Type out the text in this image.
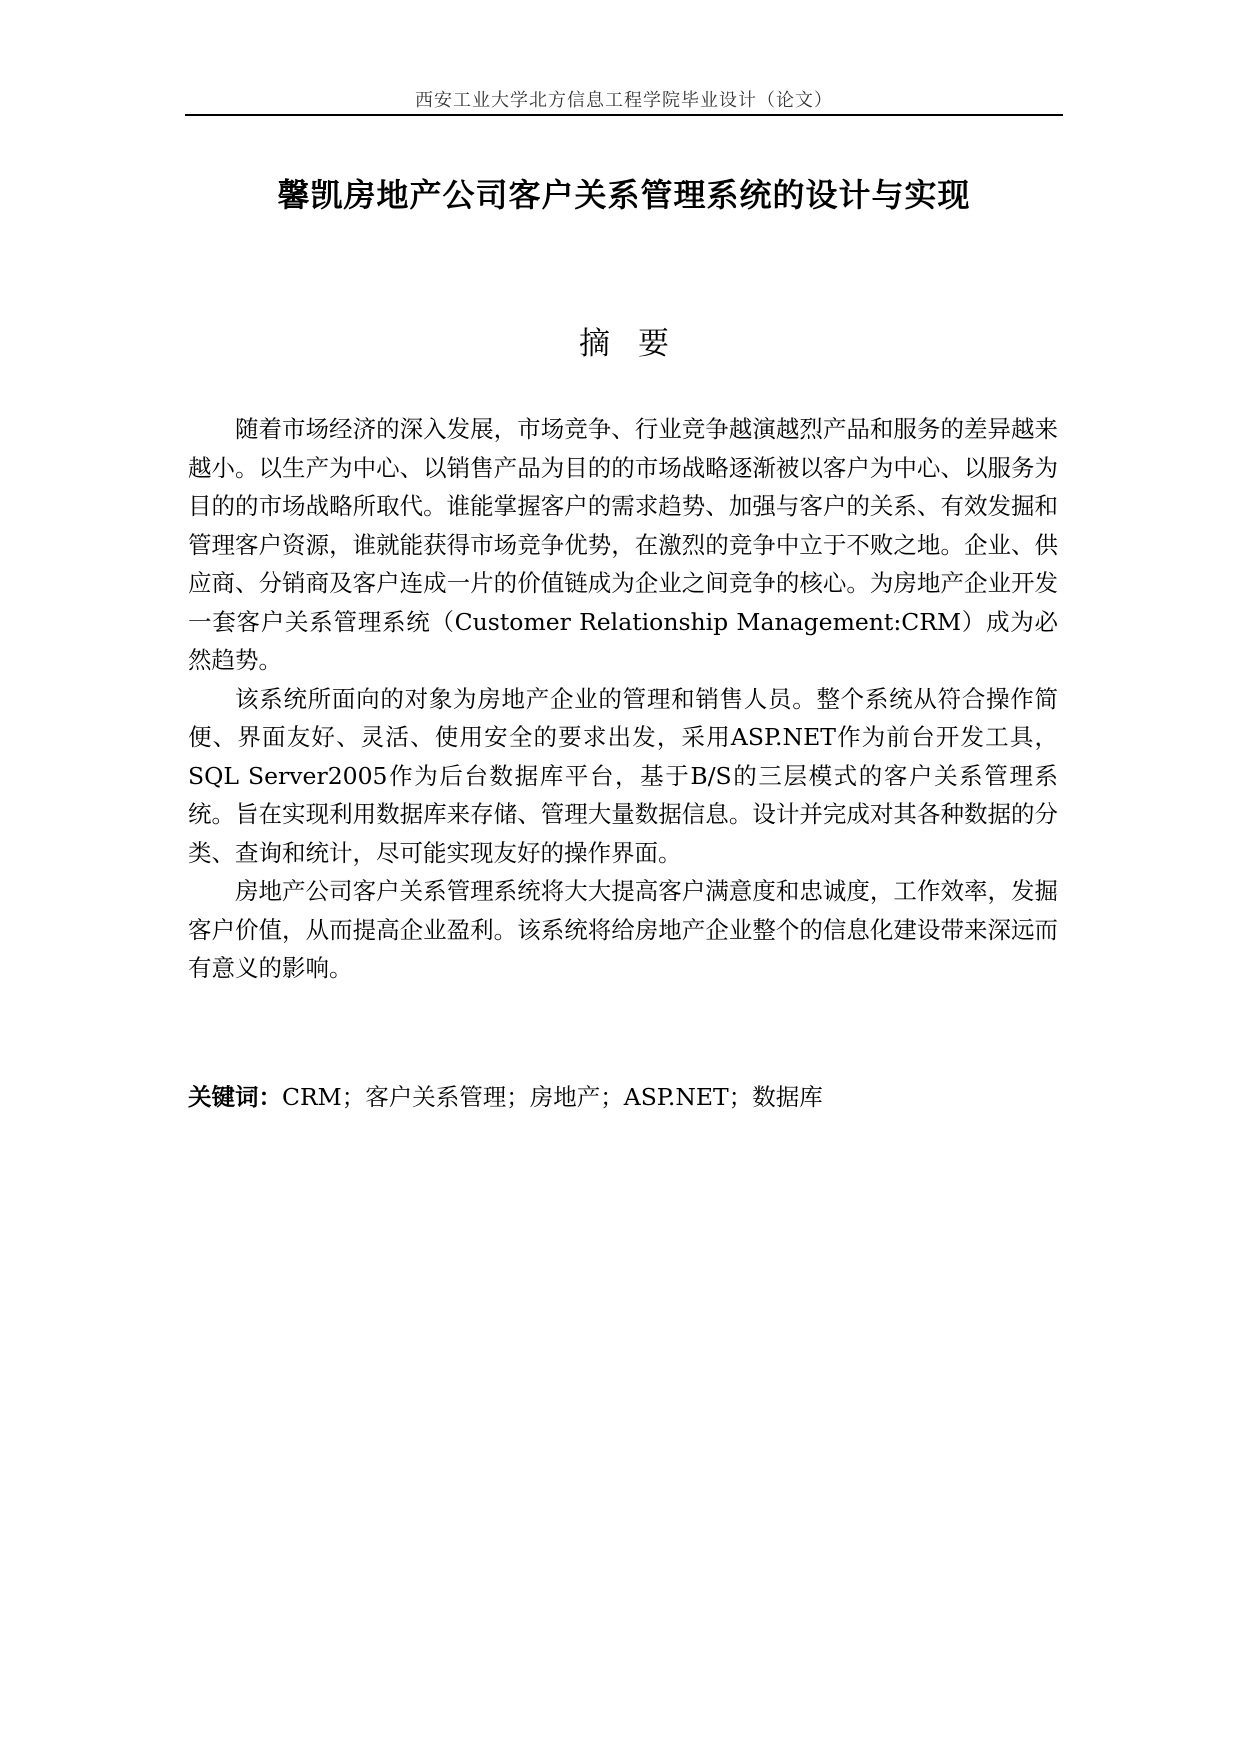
西安工业大学北方信息工程学院毕业设计（论文）
馨凯房地产公司客户关系管理系统的设计与实现
摘要

随着市场经济的深入发展，市场竞争、行业竞争越演越烈产品和服务的差异越来越小。以生产为中心、以销售产品为目的的市场战略逐渐被以客户为中心、以服务为目的的市场战略所取代。谁能掌握客户的需求趋势、加强与客户的关系、有效发掘和管理客户资源，谁就能获得市场竞争优势，在激烈的竞争中立于不败之地。企业、供应商、分销商及客户连成一片的价值链成为企业之间竞争的核心。为房地产企业开发一套客户关系管理系统（Customer Relationship Management:CRM）成为必然趋势。

该系统所面向的对象为房地产企业的管理和销售人员。整个系统从符合操作简便、界面友好、灵活、使用安全的要求出发，采用ASP.NET作为前台开发工具，SQL Server2005作为后台数据库平台，基于B/S的三层模式的客户关系管理系统。旨在实现利用数据库来存储、管理大量数据信息。设计并完成对其各种数据的分类、查询和统计，尽可能实现友好的操作界面。

房地产公司客户关系管理系统将大大提高客户满意度和忠诚度，工作效率，发掘客户价值，从而提高企业盈利。该系统将给房地产企业整个的信息化建设带来深远而有意义的影响。

关键词：CRM；客户关系管理；房地产；ASP.NET；数据库
